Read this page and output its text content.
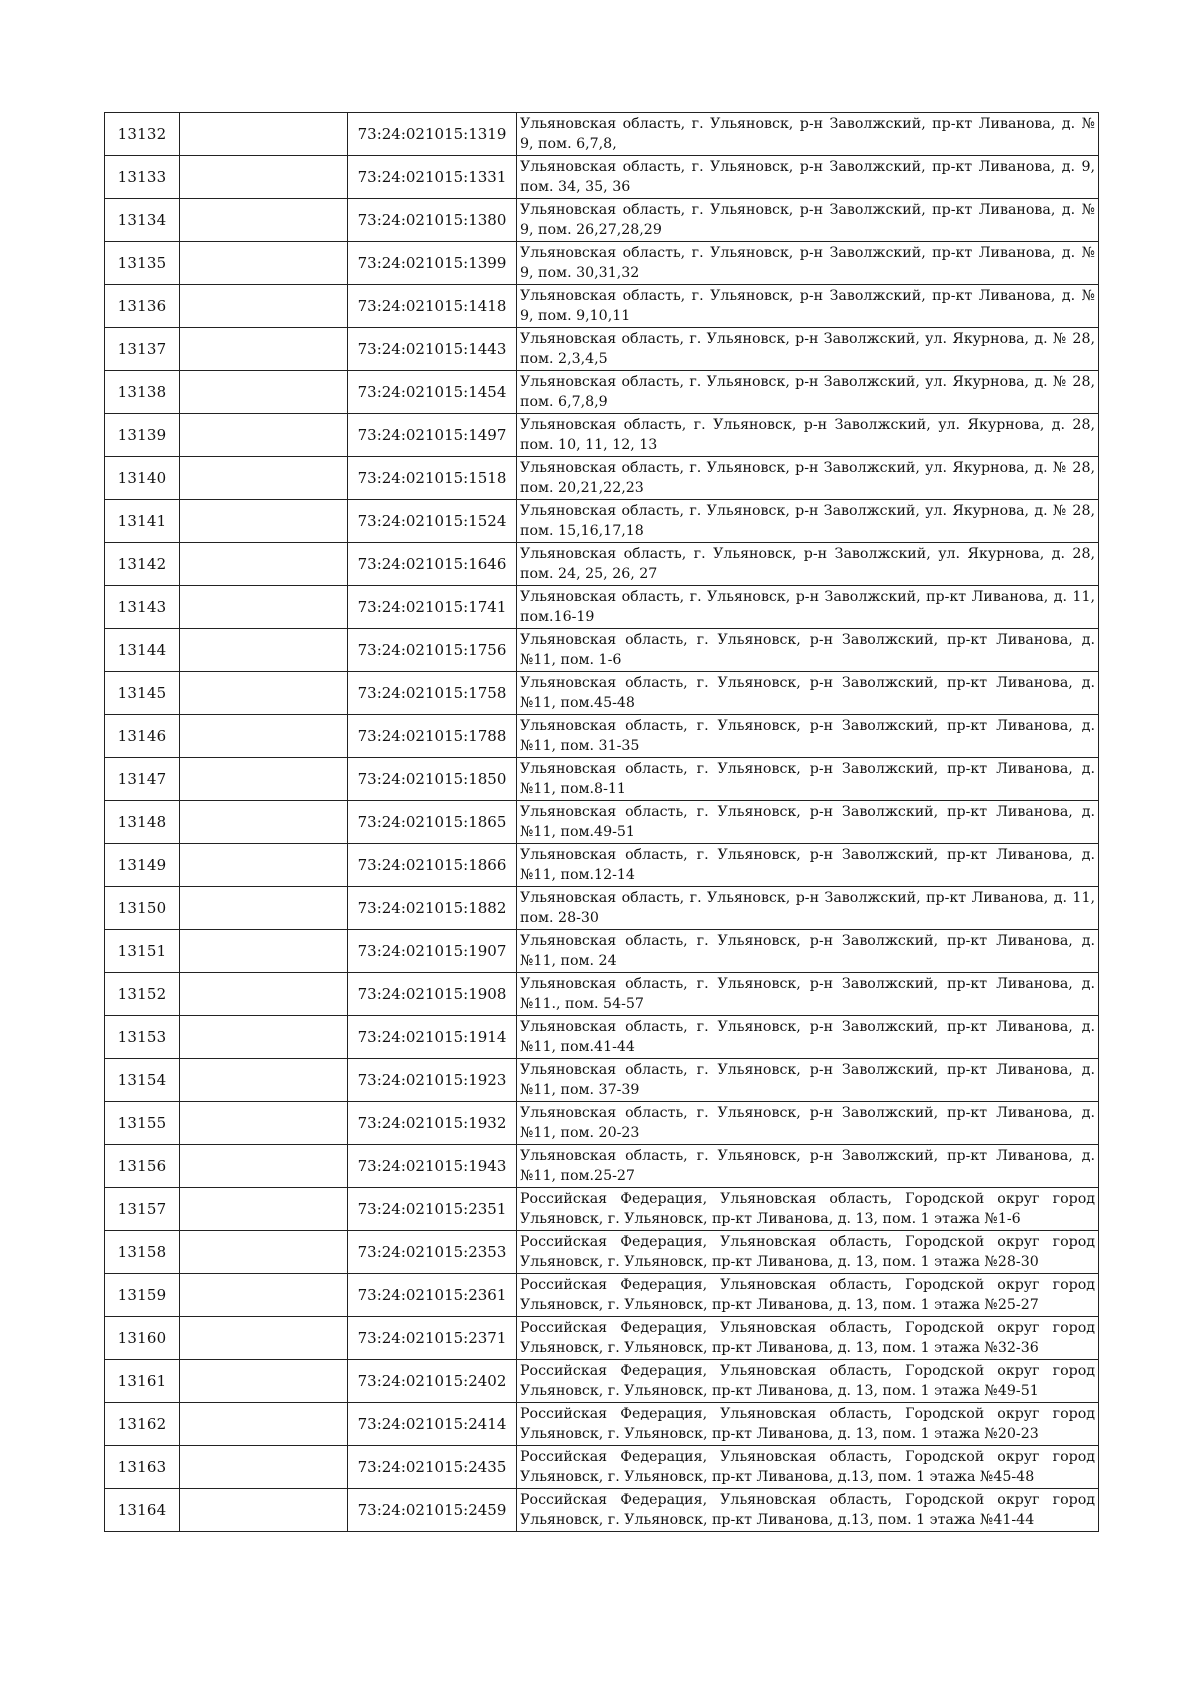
13132		73:24:021015:1319	Ульяновская область, г. Ульяновск, р-н Заволжский, пр-кт Ливанова, д. № 9, пом. 6,7,8,
13133		73:24:021015:1331	Ульяновская область, г. Ульяновск, р-н Заволжский, пр-кт Ливанова, д. 9, пом. 34, 35, 36
13134		73:24:021015:1380	Ульяновская область, г. Ульяновск, р-н Заволжский, пр-кт Ливанова, д. № 9, пом. 26,27,28,29
13135		73:24:021015:1399	Ульяновская область, г. Ульяновск, р-н Заволжский, пр-кт Ливанова, д. № 9, пом. 30,31,32
13136		73:24:021015:1418	Ульяновская область, г. Ульяновск, р-н Заволжский, пр-кт Ливанова, д. № 9, пом. 9,10,11
13137		73:24:021015:1443	Ульяновская область, г. Ульяновск, р-н Заволжский, ул. Якурнова, д. № 28, пом. 2,3,4,5
13138		73:24:021015:1454	Ульяновская область, г. Ульяновск, р-н Заволжский, ул. Якурнова, д. № 28, пом. 6,7,8,9
13139		73:24:021015:1497	Ульяновская область, г. Ульяновск, р-н Заволжский, ул. Якурнова, д. 28, пом. 10, 11, 12, 13
13140		73:24:021015:1518	Ульяновская область, г. Ульяновск, р-н Заволжский, ул. Якурнова, д. № 28, пом. 20,21,22,23
13141		73:24:021015:1524	Ульяновская область, г. Ульяновск, р-н Заволжский, ул. Якурнова, д. № 28, пом. 15,16,17,18
13142		73:24:021015:1646	Ульяновская область, г. Ульяновск, р-н Заволжский, ул. Якурнова, д. 28, пом. 24, 25, 26, 27
13143		73:24:021015:1741	Ульяновская область, г. Ульяновск, р-н Заволжский, пр-кт Ливанова, д. 11, пом.16-19
13144		73:24:021015:1756	Ульяновская область, г. Ульяновск, р-н Заволжский, пр-кт Ливанова, д. №11, пом. 1-6
13145		73:24:021015:1758	Ульяновская область, г. Ульяновск, р-н Заволжский, пр-кт Ливанова, д. №11, пом.45-48
13146		73:24:021015:1788	Ульяновская область, г. Ульяновск, р-н Заволжский, пр-кт Ливанова, д. №11, пом. 31-35
13147		73:24:021015:1850	Ульяновская область, г. Ульяновск, р-н Заволжский, пр-кт Ливанова, д. №11, пом.8-11
13148		73:24:021015:1865	Ульяновская область, г. Ульяновск, р-н Заволжский, пр-кт Ливанова, д. №11, пом.49-51
13149		73:24:021015:1866	Ульяновская область, г. Ульяновск, р-н Заволжский, пр-кт Ливанова, д. №11, пом.12-14
13150		73:24:021015:1882	Ульяновская область, г. Ульяновск, р-н Заволжский, пр-кт Ливанова, д. 11, пом. 28-30
13151		73:24:021015:1907	Ульяновская область, г. Ульяновск, р-н Заволжский, пр-кт Ливанова, д. №11, пом. 24
13152		73:24:021015:1908	Ульяновская область, г. Ульяновск, р-н Заволжский, пр-кт Ливанова, д. №11., пом. 54-57
13153		73:24:021015:1914	Ульяновская область, г. Ульяновск, р-н Заволжский, пр-кт Ливанова, д. №11, пом.41-44
13154		73:24:021015:1923	Ульяновская область, г. Ульяновск, р-н Заволжский, пр-кт Ливанова, д. №11, пом. 37-39
13155		73:24:021015:1932	Ульяновская область, г. Ульяновск, р-н Заволжский, пр-кт Ливанова, д. №11, пом. 20-23
13156		73:24:021015:1943	Ульяновская область, г. Ульяновск, р-н Заволжский, пр-кт Ливанова, д. №11, пом.25-27
13157		73:24:021015:2351	Российская Федерация, Ульяновская область, Городской округ город Ульяновск, г. Ульяновск, пр-кт Ливанова, д. 13, пом. 1 этажа №1-6
13158		73:24:021015:2353	Российская Федерация, Ульяновская область, Городской округ город Ульяновск, г. Ульяновск, пр-кт Ливанова, д. 13, пом. 1 этажа №28-30
13159		73:24:021015:2361	Российская Федерация, Ульяновская область, Городской округ город Ульяновск, г. Ульяновск, пр-кт Ливанова, д. 13, пом. 1 этажа №25-27
13160		73:24:021015:2371	Российская Федерация, Ульяновская область, Городской округ город Ульяновск, г. Ульяновск, пр-кт Ливанова, д. 13, пом. 1 этажа №32-36
13161		73:24:021015:2402	Российская Федерация, Ульяновская область, Городской округ город Ульяновск, г. Ульяновск, пр-кт Ливанова, д. 13, пом. 1 этажа №49-51
13162		73:24:021015:2414	Российская Федерация, Ульяновская область, Городской округ город Ульяновск, г. Ульяновск, пр-кт Ливанова, д. 13, пом. 1 этажа №20-23
13163		73:24:021015:2435	Российская Федерация, Ульяновская область, Городской округ город Ульяновск, г. Ульяновск, пр-кт Ливанова, д.13, пом. 1 этажа №45-48
13164		73:24:021015:2459	Российская Федерация, Ульяновская область, Городской округ город Ульяновск, г. Ульяновск, пр-кт Ливанова, д.13, пом. 1 этажа №41-44
